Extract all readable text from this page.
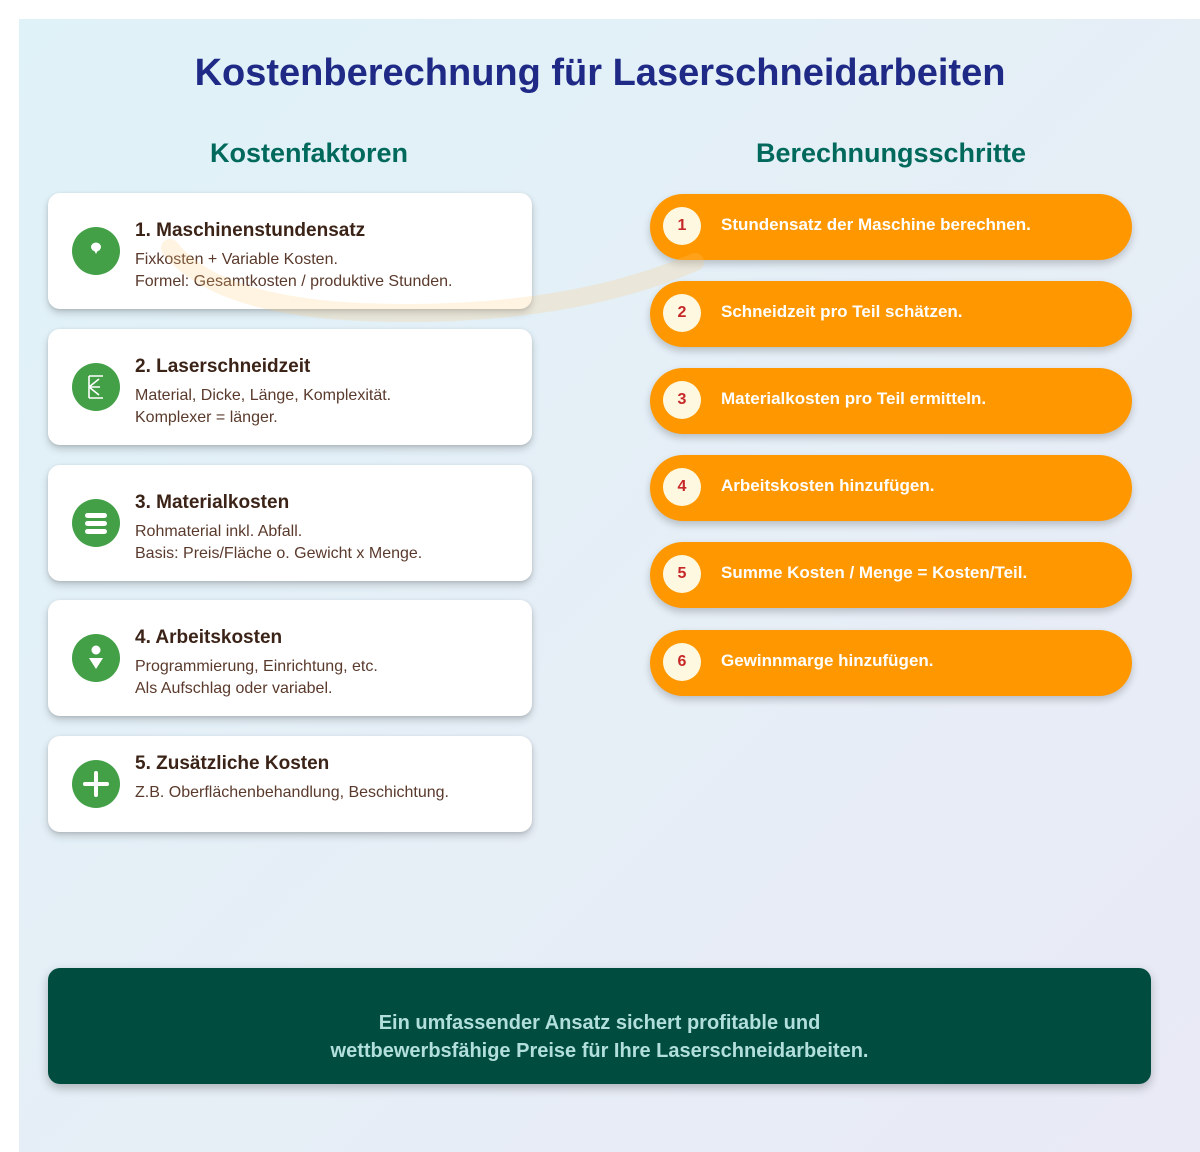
Kostenberechnung für Laserschneidarbeiten
Kostenfaktoren	Berechnungsschritte
1. Maschinenstundensatz

Fixkosten + Variable Kosten.

Formel: Gesamtkosten / produktive Stunden.

2. Laserschneidzeit

Material, Dicke, Länge, Komplexität.

Komplexer = länger.

3. Materialkosten

Rohmaterial inkl. Abfall.

Basis: Preis/Fläche o. Gewicht x Menge.

4. Arbeitskosten

Programmierung, Einrichtung, etc.

Als Aufschlag oder variabel.

5. Zusätzliche Kosten

Z.B. Oberflächenbehandlung, Beschichtung.

1	Stundensatz der Maschine berechnen.
2	Schneidzeit pro Teil schätzen.
3	Materialkosten pro Teil ermitteln.
4	Arbeitskosten hinzufügen.
5	Summe Kosten / Menge = Kosten/Teil.
6	Gewinnmarge hinzufügen.
Ein umfassender Ansatz sichert profitable und
wettbewerbsfähige Preise für Ihre Laserschneidarbeiten.
